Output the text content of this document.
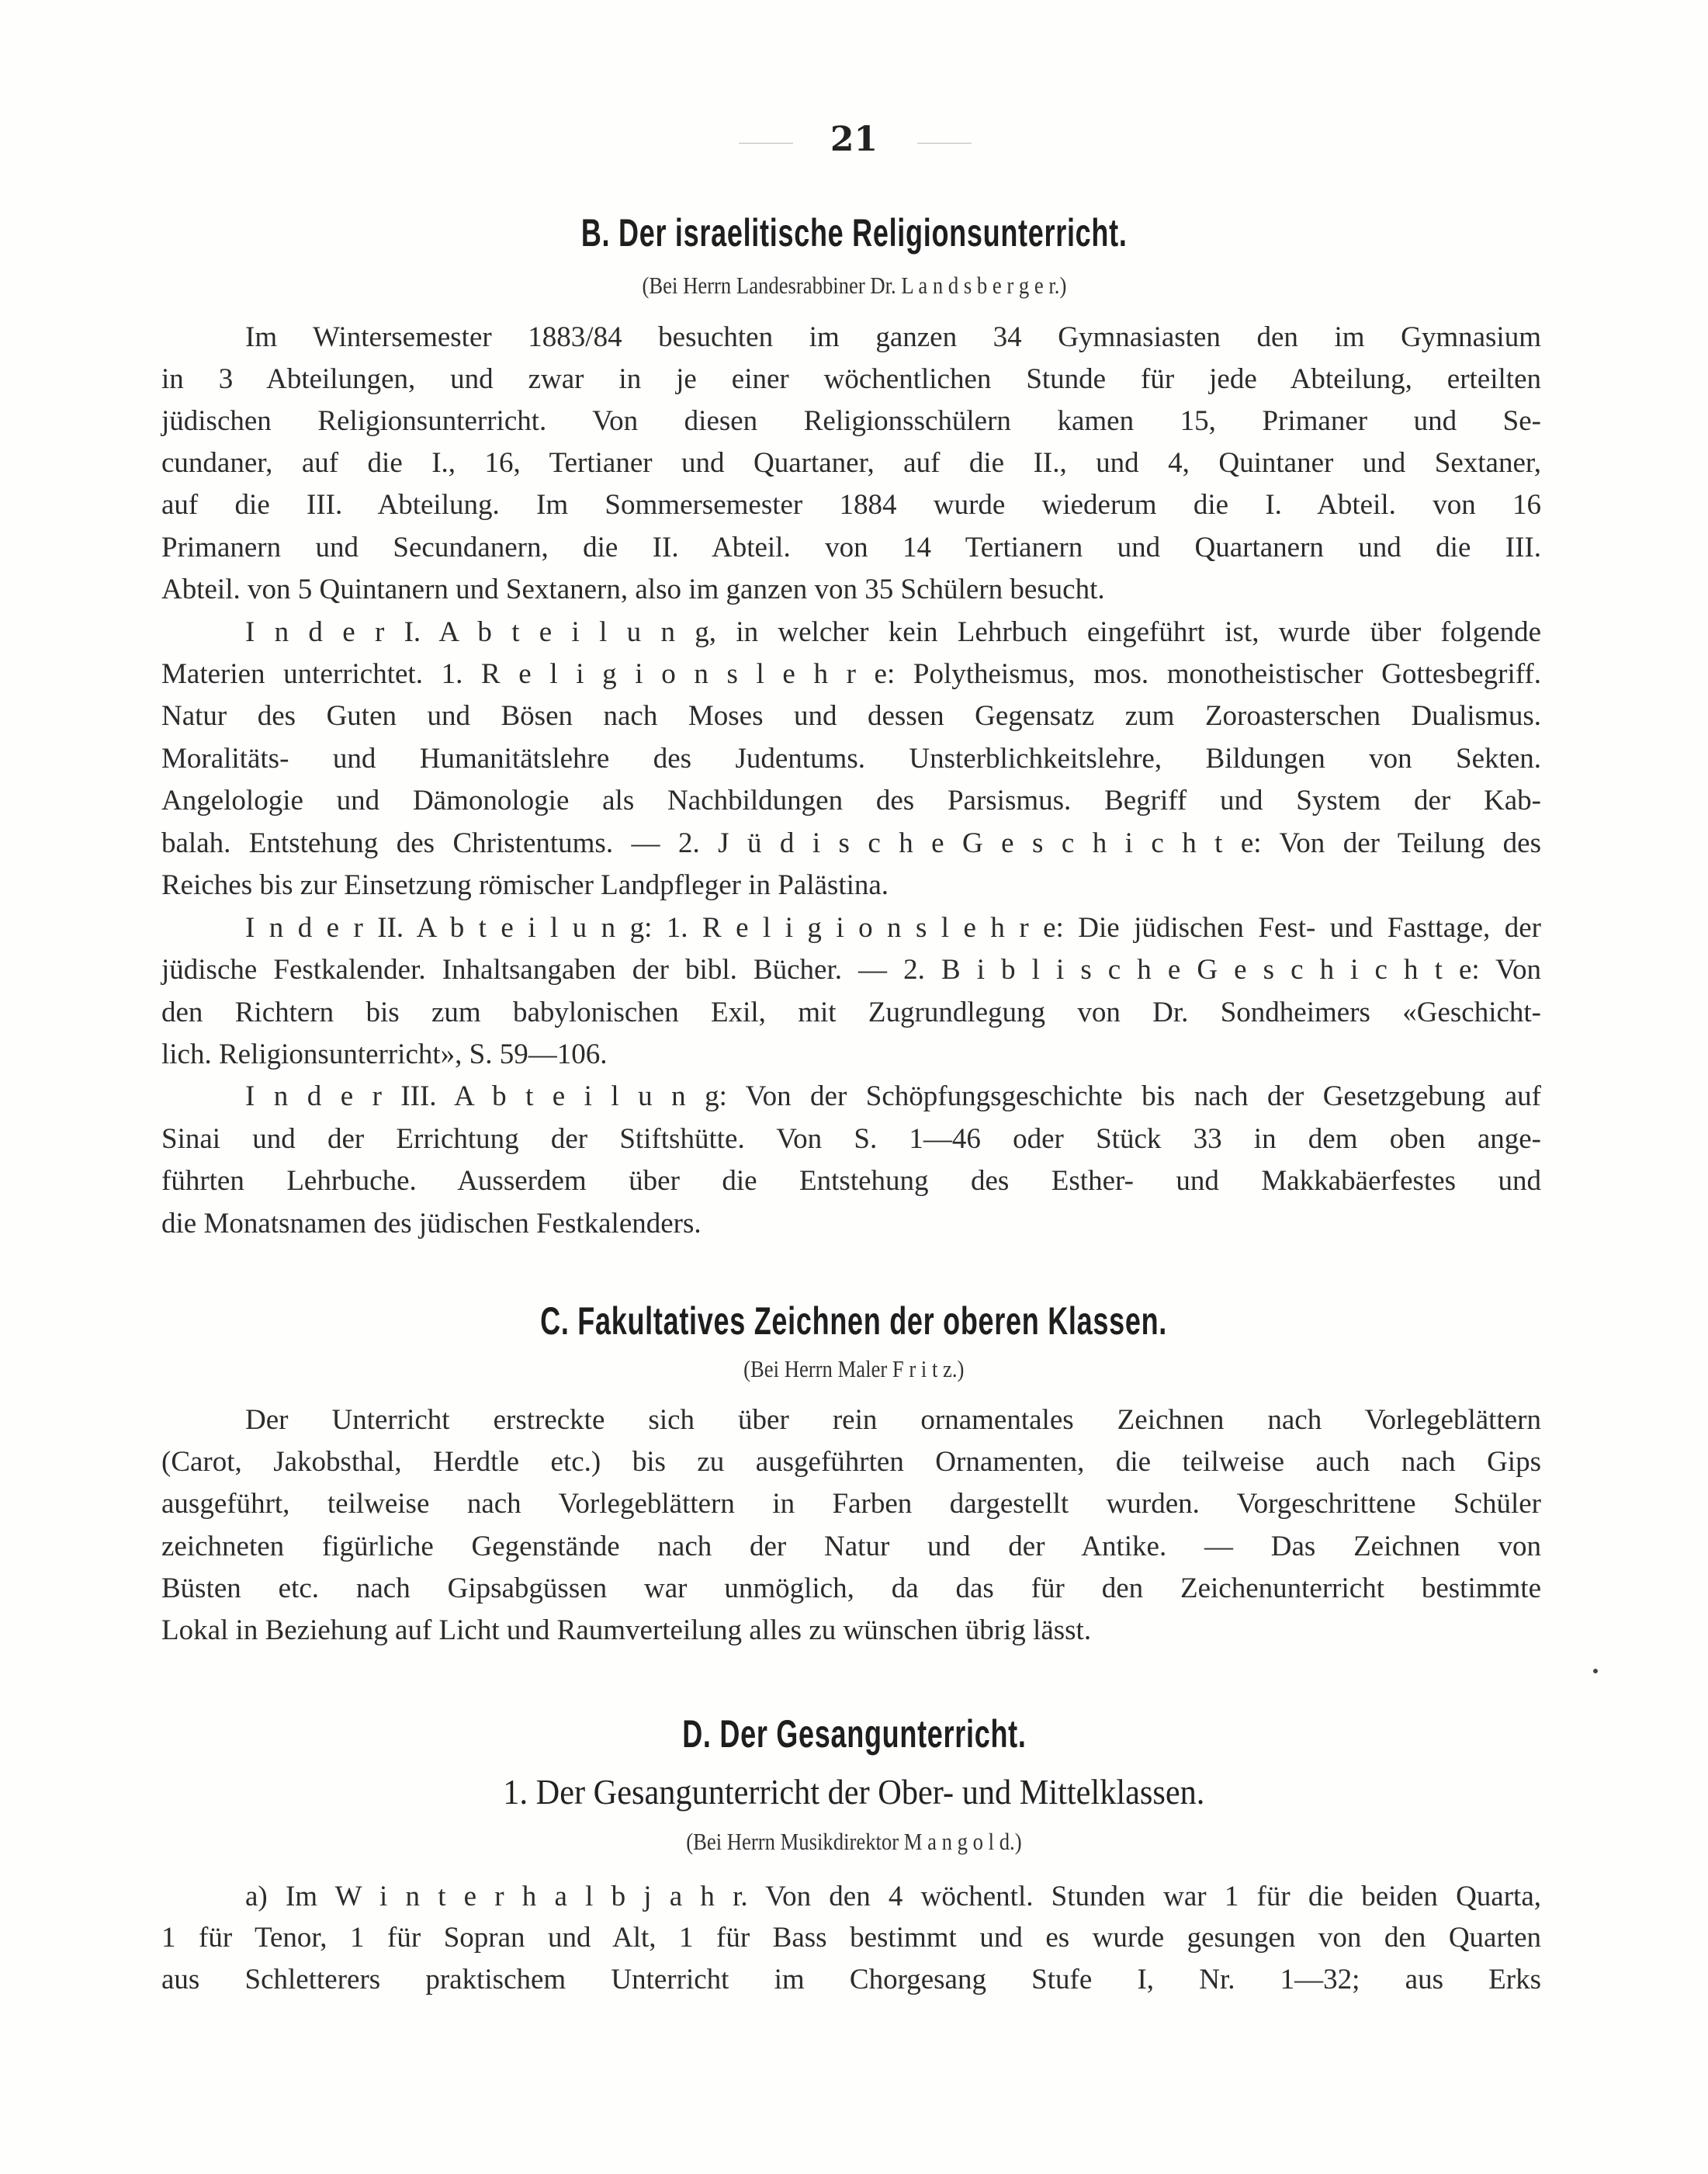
21
B. Der israelitische Religionsunterricht.
(Bei Herrn Landesrabbiner Dr. L a n d s b e r g e r.)
Im Wintersemester 1883/84 besuchten im ganzen 34 Gymnasiasten den im Gymnasium
in 3 Abteilungen, und zwar in je einer wöchentlichen Stunde für jede Abteilung, erteilten
jüdischen Religionsunterricht. Von diesen Religionsschülern kamen 15, Primaner und Se-
cundaner, auf die I., 16, Tertianer und Quartaner, auf die II., und 4, Quintaner und Sextaner,
auf die III. Abteilung. Im Sommersemester 1884 wurde wiederum die I. Abteil. von 16
Primanern und Secundanern, die II. Abteil. von 14 Tertianern und Quartanern und die III.
Abteil. von 5 Quintanern und Sextanern, also im ganzen von 35 Schülern besucht.
I n d e r I. A b t e i l u n g, in welcher kein Lehrbuch eingeführt ist, wurde über folgende
Materien unterrichtet. 1. R e l i g i o n s l e h r e: Polytheismus, mos. monotheistischer Gottesbegriff.
Natur des Guten und Bösen nach Moses und dessen Gegensatz zum Zoroasterschen Dualismus.
Moralitäts- und Humanitätslehre des Judentums. Unsterblichkeitslehre, Bildungen von Sekten.
Angelologie und Dämonologie als Nachbildungen des Parsismus. Begriff und System der Kab-
balah. Entstehung des Christentums. — 2. J ü d i s c h e G e s c h i c h t e: Von der Teilung des
Reiches bis zur Einsetzung römischer Landpfleger in Palästina.
I n d e r II. A b t e i l u n g: 1. R e l i g i o n s l e h r e: Die jüdischen Fest- und Fasttage, der
jüdische Festkalender. Inhaltsangaben der bibl. Bücher. — 2. B i b l i s c h e G e s c h i c h t e: Von
den Richtern bis zum babylonischen Exil, mit Zugrundlegung von Dr. Sondheimers «Geschicht-
lich. Religionsunterricht», S. 59—106.
I n d e r III. A b t e i l u n g: Von der Schöpfungsgeschichte bis nach der Gesetzgebung auf
Sinai und der Errichtung der Stiftshütte. Von S. 1—46 oder Stück 33 in dem oben ange-
führten Lehrbuche. Ausserdem über die Entstehung des Esther- und Makkabäerfestes und
die Monatsnamen des jüdischen Festkalenders.
C. Fakultatives Zeichnen der oberen Klassen.
(Bei Herrn Maler F r i t z.)
Der Unterricht erstreckte sich über rein ornamentales Zeichnen nach Vorlegeblättern
(Carot, Jakobsthal, Herdtle etc.) bis zu ausgeführten Ornamenten, die teilweise auch nach Gips
ausgeführt, teilweise nach Vorlegeblättern in Farben dargestellt wurden. Vorgeschrittene Schüler
zeichneten figürliche Gegenstände nach der Natur und der Antike. — Das Zeichnen von
Büsten etc. nach Gipsabgüssen war unmöglich, da das für den Zeichenunterricht bestimmte
Lokal in Beziehung auf Licht und Raumverteilung alles zu wünschen übrig lässt.
D. Der Gesangunterricht.
1. Der Gesangunterricht der Ober- und Mittelklassen.
(Bei Herrn Musikdirektor M a n g o l d.)
a) Im W i n t e r h a l b j a h r. Von den 4 wöchentl. Stunden war 1 für die beiden Quarta,
1 für Tenor, 1 für Sopran und Alt, 1 für Bass bestimmt und es wurde gesungen von den Quarten
aus Schletterers praktischem Unterricht im Chorgesang Stufe I, Nr. 1—32; aus Erks
